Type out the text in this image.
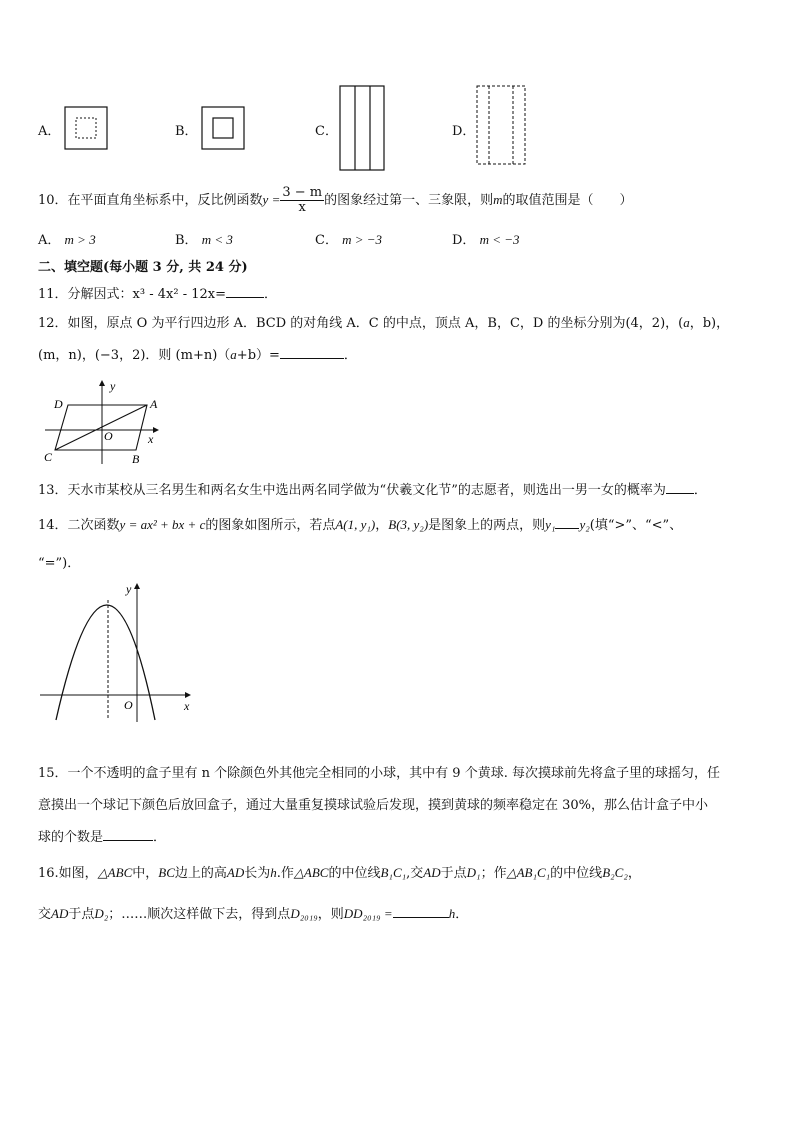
A．	B．	C．	D．
10．在平面直角坐标系中，反比例函数$y = \frac{3 - m}{x}$ 的图象经过第一、三象限，则m的取值范围是（　　）
A． m > 3	B． m < 3	C． m > −3	D． m < −3
二、填空题(每小题 3 分, 共 24 分)
11．分解因式：x³ - 4x² - 12x=	．
12．如图，原点 O 为平行四边形 A．BCD 的对角线 A．C 的中点，顶点 A，B，C，D 的坐标分别为(4，2)，(a，b)，
(m，n)，(−3，2)．则 (m+n)（a+b）=	．
D	A
C	B
O
y
x
13．天水市某校从三名男生和两名女生中选出两名同学做为“伏羲文化节”的志愿者，则选出一男一女的概率为 ．
14．二次函数y = ax² + bx + c的图象如图所示，若点A(1, y₁)，B(3, y₂)是图象上的两点，则y₁ y₂(填“>”、“<”、
“=”)．
y
x
O
15．一个不透明的盒子里有 n 个除颜色外其他完全相同的小球，其中有 9 个黄球. 每次摸球前先将盒子里的球摇匀，任
意摸出一个球记下颜色后放回盒子，通过大量重复摸球试验后发现，摸到黄球的频率稳定在 30%，那么估计盒子中小
球的个数是	．
16.如图，△ABC中，BC边上的高AD长为h.作△ABC的中位线B₁C₁,交AD于点D₁；作△AB₁C₁的中位线B₂C₂，
交AD于点D₂；……顺次这样做下去，得到点D₂₀₁₉，则DD₂₀₁₉ =	h．
